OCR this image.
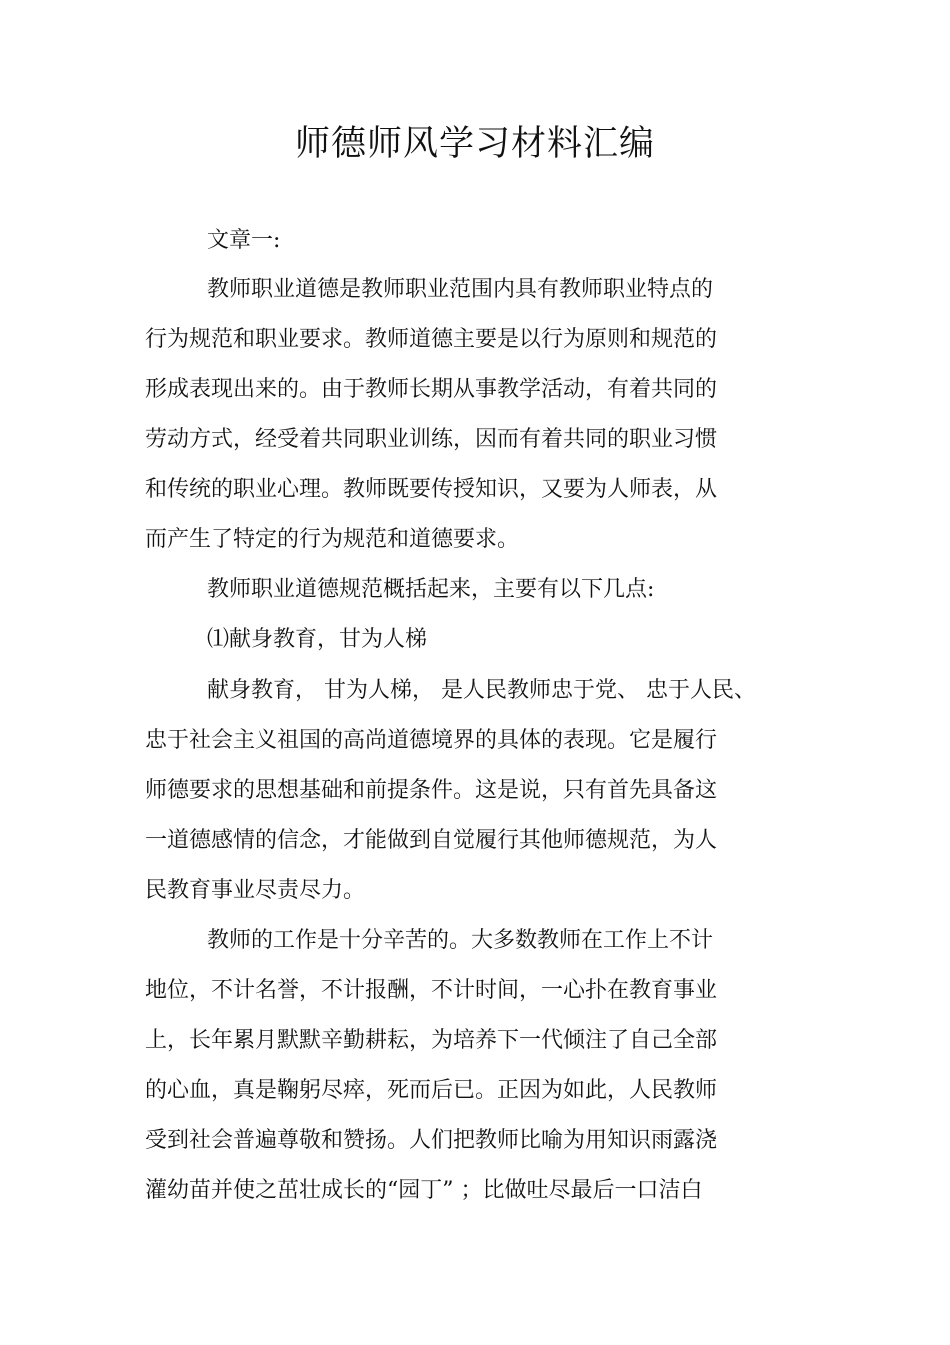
师德师风学习材料汇编
文章一:
教师职业道德是教师职业范围内具有教师职业特点的
行为规范和职业要求。教师道德主要是以行为原则和规范的
形成表现出来的。由于教师长期从事教学活动，有着共同的
劳动方式，经受着共同职业训练，因而有着共同的职业习惯
和传统的职业心理。教师既要传授知识，又要为人师表，从
而产生了特定的行为规范和道德要求。
教师职业道德规范概括起来，主要有以下几点:
⑴献身教育，甘为人梯
献身教育， 甘为人梯， 是人民教师忠于党、 忠于人民、
忠于社会主义祖国的高尚道德境界的具体的表现。它是履行
师德要求的思想基础和前提条件。这是说，只有首先具备这
一道德感情的信念，才能做到自觉履行其他师德规范，为人
民教育事业尽责尽力。
教师的工作是十分辛苦的。大多数教师在工作上不计
地位，不计名誉，不计报酬，不计时间，一心扑在教育事业
上，长年累月默默辛勤耕耘，为培养下一代倾注了自己全部
的心血，真是鞠躬尽瘁，死而后已。正因为如此，人民教师
受到社会普遍尊敬和赞扬。人们把教师比喻为用知识雨露浇
灌幼苗并使之茁壮成长的“园丁” ；比做吐尽最后一口洁白
